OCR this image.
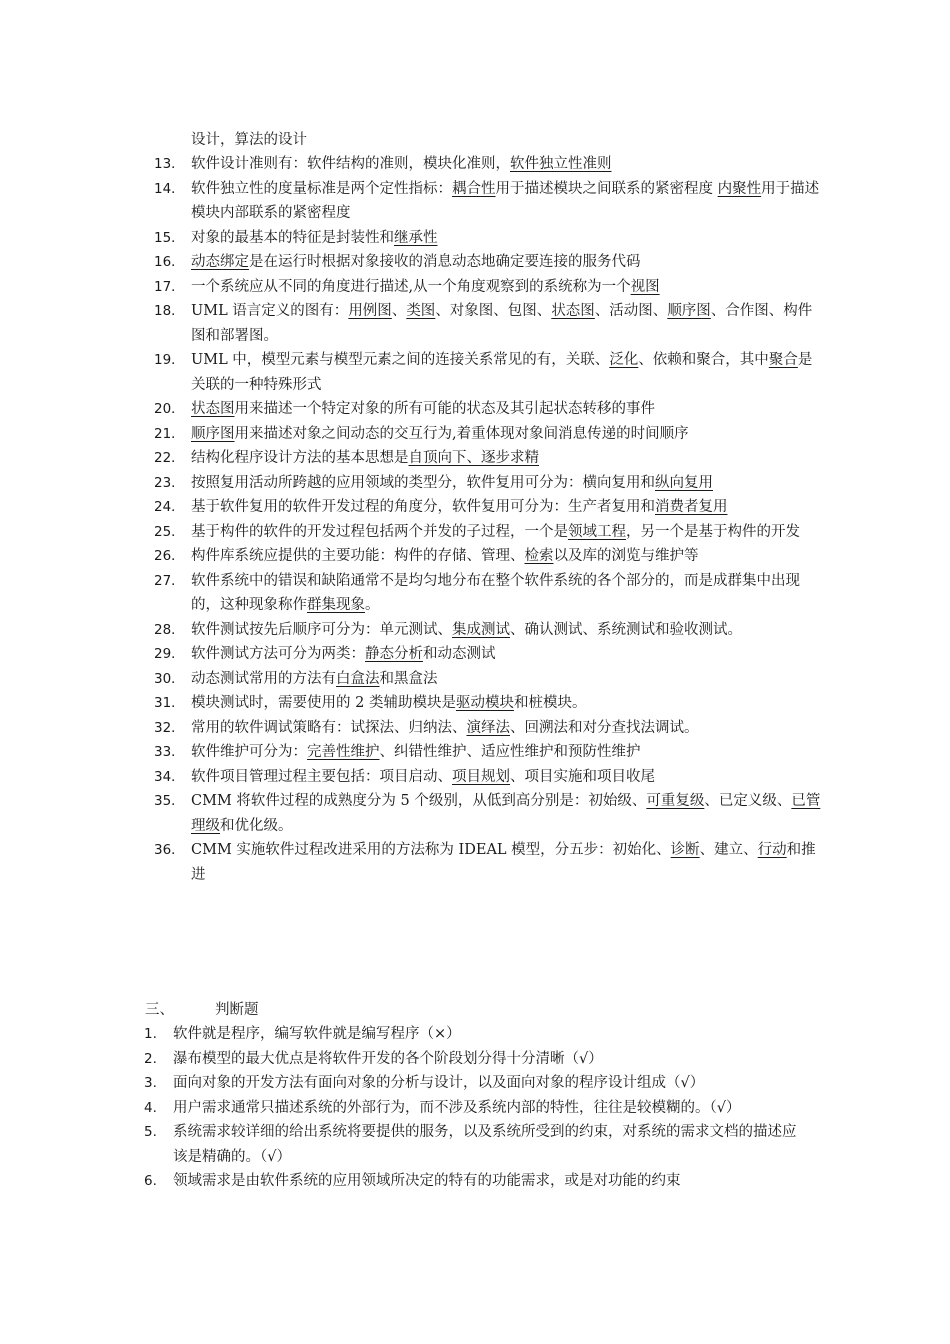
设计，算法的设计
13． 软件设计准则有：软件结构的准则，模块化准则，软件独立性准则
14． 软件独立性的度量标准是两个定性指标：耦合性用于描述模块之间联系的紧密程度 内聚性用于描述模块内部联系的紧密程度
15． 对象的最基本的特征是封装性和继承性
16． 动态绑定是在运行时根据对象接收的消息动态地确定要连接的服务代码
17． 一个系统应从不同的角度进行描述,从一个角度观察到的系统称为一个视图
18． UML 语言定义的图有：用例图、类图、对象图、包图、状态图、活动图、顺序图、合作图、构件图和部署图。
19． UML 中，模型元素与模型元素之间的连接关系常见的有，关联、泛化、依赖和聚合，其中聚合是关联的一种特殊形式
20． 状态图用来描述一个特定对象的所有可能的状态及其引起状态转移的事件
21． 顺序图用来描述对象之间动态的交互行为,着重体现对象间消息传递的时间顺序
22． 结构化程序设计方法的基本思想是自顶向下、逐步求精
23． 按照复用活动所跨越的应用领域的类型分，软件复用可分为：横向复用和纵向复用
24． 基于软件复用的软件开发过程的角度分，软件复用可分为：生产者复用和消费者复用
25． 基于构件的软件的开发过程包括两个并发的子过程，一个是领域工程，另一个是基于构件的开发
26． 构件库系统应提供的主要功能：构件的存储、管理、检索以及库的浏览与维护等
27． 软件系统中的错误和缺陷通常不是均匀地分布在整个软件系统的各个部分的，而是成群集中出现的，这种现象称作群集现象。
28． 软件测试按先后顺序可分为：单元测试、集成测试、确认测试、系统测试和验收测试。
29． 软件测试方法可分为两类：静态分析和动态测试
30． 动态测试常用的方法有白盒法和黑盒法
31． 模块测试时，需要使用的 2 类辅助模块是驱动模块和桩模块。
32． 常用的软件调试策略有：试探法、归纳法、演绎法、回溯法和对分查找法调试。
33． 软件维护可分为：完善性维护、纠错性维护、适应性维护和预防性维护
34． 软件项目管理过程主要包括：项目启动、项目规划、项目实施和项目收尾
35． CMM 将软件过程的成熟度分为 5 个级别，从低到高分别是：初始级、可重复级、已定义级、已管理级和优化级。
36． CMM 实施软件过程改进采用的方法称为 IDEAL 模型，分五步：初始化、诊断、建立、行动和推进
三、	判断题
1. 软件就是程序，编写软件就是编写程序（×）
2. 瀑布模型的最大优点是将软件开发的各个阶段划分得十分清晰（√）
3. 面向对象的开发方法有面向对象的分析与设计，以及面向对象的程序设计组成（√）
4. 用户需求通常只描述系统的外部行为，而不涉及系统内部的特性，往往是较模糊的。（√）
5. 系统需求较详细的给出系统将要提供的服务，以及系统所受到的约束，对系统的需求文档的描述应该是精确的。（√）
6. 领域需求是由软件系统的应用领域所决定的特有的功能需求，或是对功能的约束
